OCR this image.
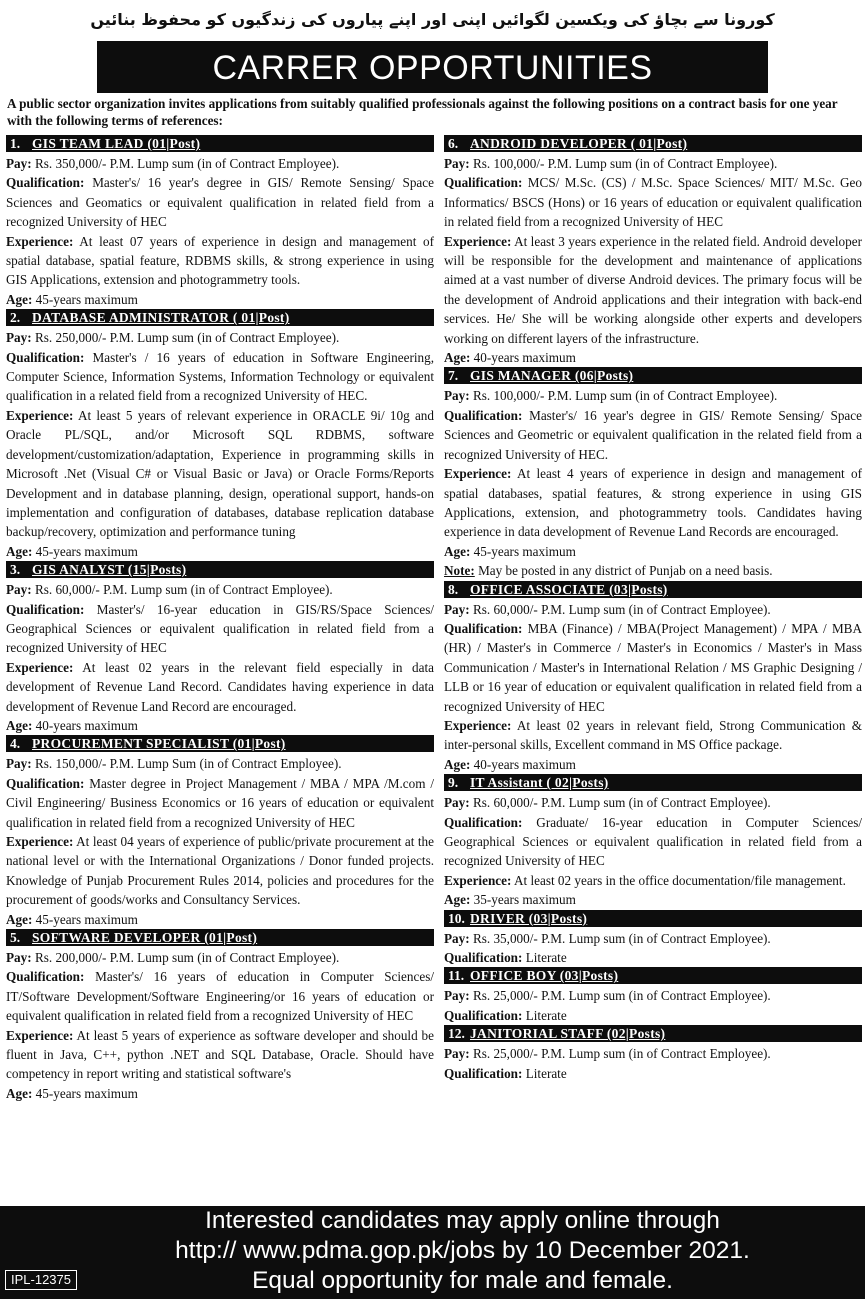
کورونا سے بچاؤ کی ویکسین لگوائیں اپنی اور اپنے پیاروں کی زندگیوں کو محفوظ بنائیں
CARRER OPPORTUNITIES
A public sector organization invites applications from suitably qualified professionals against the following positions on a contract basis for one year with the following terms of references:
1. GIS TEAM LEAD (01|Post)
Pay: Rs. 350,000/- P.M. Lump sum (in of Contract Employee).
Qualification: Master's/ 16 year's degree in GIS/ Remote Sensing/ Space Sciences and Geomatics or equivalent qualification in related field from a recognized University of HEC
Experience: At least 07 years of experience in design and management of spatial database, spatial feature, RDBMS skills, & strong experience in using GIS Applications, extension and photogrammetry tools.
Age: 45-years maximum
2. DATABASE ADMINISTRATOR ( 01|Post)
Pay: Rs. 250,000/- P.M. Lump sum (in of Contract Employee).
Qualification: Master's / 16 years of education in Software Engineering, Computer Science, Information Systems, Information Technology or equivalent qualification in a related field from a recognized University of HEC.
Experience: At least 5 years of relevant experience in ORACLE 9i/ 10g and Oracle PL/SQL, and/or Microsoft SQL RDBMS, software development/customization/adaptation, Experience in programming skills in Microsoft .Net (Visual C# or Visual Basic or Java) or Oracle Forms/Reports Development and in database planning, design, operational support, hands-on implementation and configuration of databases, database replication database backup/recovery, optimization and performance tuning
Age: 45-years maximum
3. GIS ANALYST (15|Posts)
Pay: Rs. 60,000/- P.M. Lump sum (in of Contract Employee).
Qualification: Master's/ 16-year education in GIS/RS/Space Sciences/ Geographical Sciences or equivalent qualification in related field from a recognized University of HEC
Experience: At least 02 years in the relevant field especially in data development of Revenue Land Record. Candidates having experience in data development of Revenue Land Record are encouraged.
Age: 40-years maximum
4. PROCUREMENT SPECIALIST (01|Post)
Pay: Rs. 150,000/- P.M. Lump Sum (in of Contract Employee).
Qualification: Master degree in Project Management / MBA / MPA /M.com / Civil Engineering/ Business Economics or 16 years of education or equivalent qualification in related field from a recognized University of HEC
Experience: At least 04 years of experience of public/private procurement at the national level or with the International Organizations / Donor funded projects. Knowledge of Punjab Procurement Rules 2014, policies and procedures for the procurement of goods/works and Consultancy Services.
Age: 45-years maximum
5. SOFTWARE DEVELOPER (01|Post)
Pay: Rs. 200,000/- P.M. Lump sum (in of Contract Employee).
Qualification: Master's/ 16 years of education in Computer Sciences/ IT/Software Development/Software Engineering/or 16 years of education or equivalent qualification in related field from a recognized University of HEC
Experience: At least 5 years of experience as software developer and should be fluent in Java, C++, python .NET and SQL Database, Oracle. Should have competency in report writing and statistical software's
Age: 45-years maximum
6. ANDROID DEVELOPER ( 01|Post)
Pay: Rs. 100,000/- P.M. Lump sum (in of Contract Employee).
Qualification: MCS/ M.Sc. (CS) / M.Sc. Space Sciences/ MIT/ M.Sc. Geo Informatics/ BSCS (Hons) or 16 years of education or equivalent qualification in related field from a recognized University of HEC
Experience: At least 3 years experience in the related field. Android developer will be responsible for the development and maintenance of applications aimed at a vast number of diverse Android devices. The primary focus will be the development of Android applications and their integration with back-end services. He/ She will be working alongside other experts and developers working on different layers of the infrastructure.
Age: 40-years maximum
7. GIS MANAGER (06|Posts)
Pay: Rs. 100,000/- P.M. Lump sum (in of Contract Employee).
Qualification: Master's/ 16 year's degree in GIS/ Remote Sensing/ Space Sciences and Geometric or equivalent qualification in the related field from a recognized University of HEC.
Experience: At least 4 years of experience in design and management of spatial databases, spatial features, & strong experience in using GIS Applications, extension, and photogrammetry tools. Candidates having experience in data development of Revenue Land Records are encouraged.
Age: 45-years maximum
Note: May be posted in any district of Punjab on a need basis.
8. OFFICE ASSOCIATE (03|Posts)
Pay: Rs. 60,000/- P.M. Lump sum (in of Contract Employee).
Qualification: MBA (Finance) / MBA(Project Management) / MPA / MBA (HR) / Master's in Commerce / Master's in Economics / Master's in Mass Communication / Master's in International Relation / MS Graphic Designing / LLB or 16 year of education or equivalent qualification in related field from a recognized University of HEC
Experience: At least 02 years in relevant field, Strong Communication & inter-personal skills, Excellent command in MS Office package.
Age: 40-years maximum
9. IT Assistant ( 02|Posts)
Pay: Rs. 60,000/- P.M. Lump sum (in of Contract Employee).
Qualification: Graduate/ 16-year education in Computer Sciences/ Geographical Sciences or equivalent qualification in related field from a recognized University of HEC
Experience: At least 02 years in the office documentation/file management.
Age: 35-years maximum
10. DRIVER (03|Posts)
Pay: Rs. 35,000/- P.M. Lump sum (in of Contract Employee).
Qualification: Literate
11. OFFICE BOY (03|Posts)
Pay: Rs. 25,000/- P.M. Lump sum (in of Contract Employee).
Qualification: Literate
12. JANITORIAL STAFF (02|Posts)
Pay: Rs. 25,000/- P.M. Lump sum (in of Contract Employee).
Qualification: Literate
Interested candidates may apply online through
http:// www.pdma.gop.pk/jobs by 10 December 2021.
Equal opportunity for male and female.
IPL-12375
